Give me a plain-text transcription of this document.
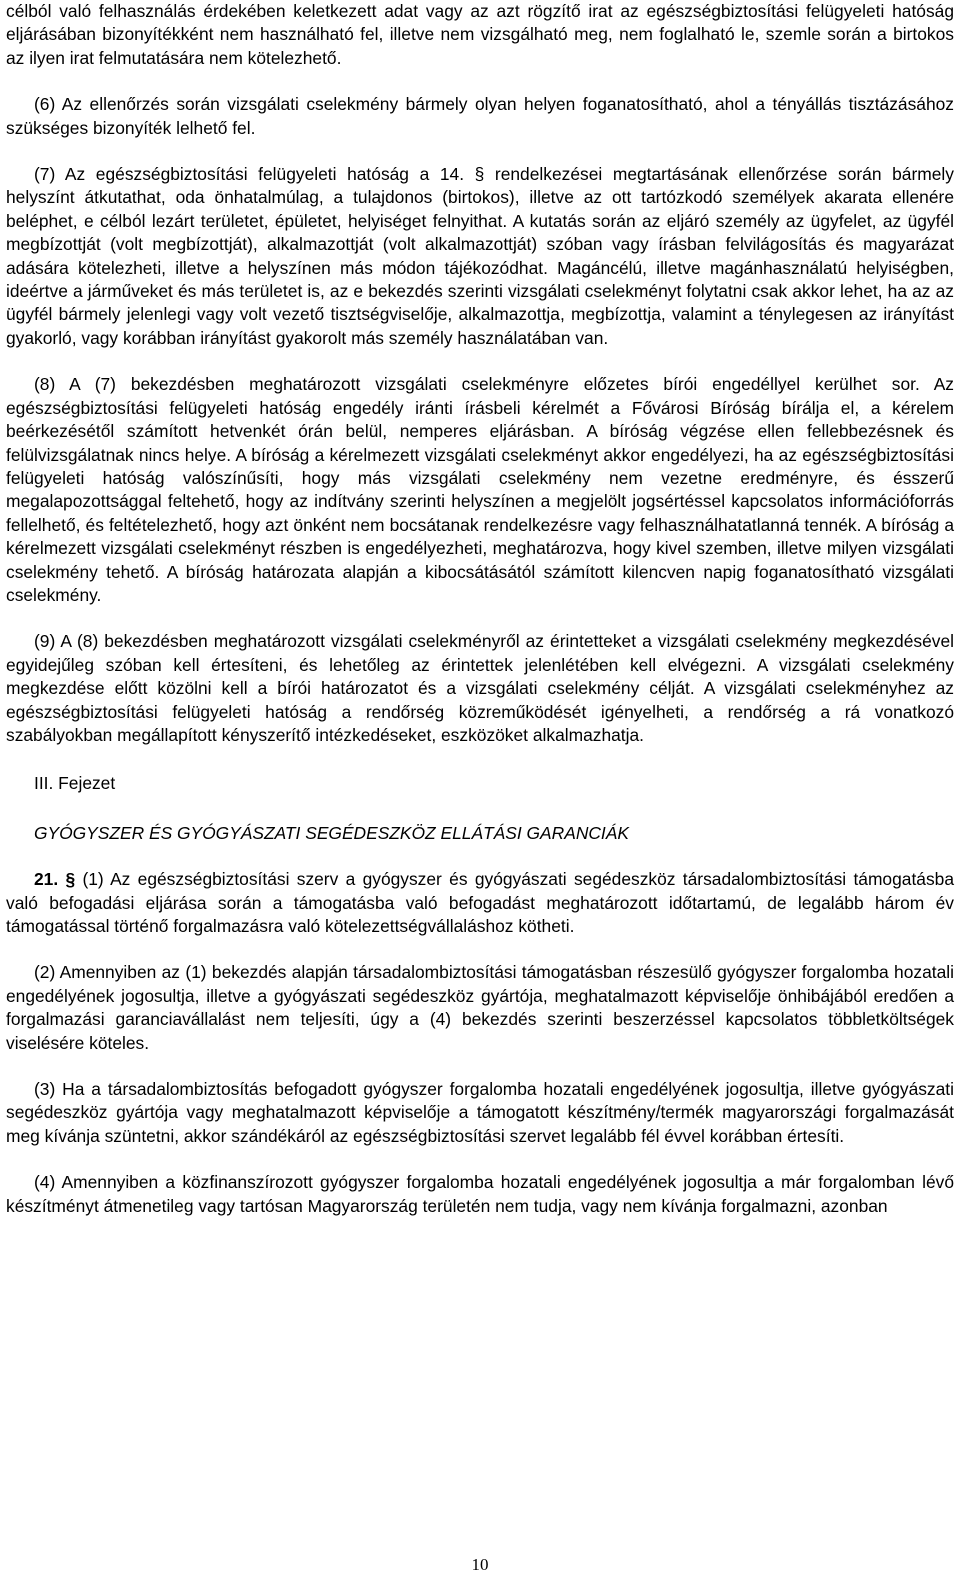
célból való felhasználás érdekében keletkezett adat vagy az azt rögzítő irat az egészségbiztosítási felügyeleti hatóság eljárásában bizonyítékként nem használható fel, illetve nem vizsgálható meg, nem foglalható le, szemle során a birtokos az ilyen irat felmutatására nem kötelezhető.

(6) Az ellenőrzés során vizsgálati cselekmény bármely olyan helyen foganatosítható, ahol a tényállás tisztázásához szükséges bizonyíték lelhető fel.

(7) Az egészségbiztosítási felügyeleti hatóság a 14. § rendelkezései megtartásának ellenőrzése során bármely helyszínt átkutathat, oda önhatalmúlag, a tulajdonos (birtokos), illetve az ott tartózkodó személyek akarata ellenére beléphet, e célból lezárt területet, épületet, helyiséget felnyithat. A kutatás során az eljáró személy az ügyfelet, az ügyfél megbízottját (volt megbízottját), alkalmazottját (volt alkalmazottját) szóban vagy írásban felvilágosítás és magyarázat adására kötelezheti, illetve a helyszínen más módon tájékozódhat. Magáncélú, illetve magánhasználatú helyiségben, ideértve a járműveket és más területet is, az e bekezdés szerinti vizsgálati cselekményt folytatni csak akkor lehet, ha az az ügyfél bármely jelenlegi vagy volt vezető tisztségviselője, alkalmazottja, megbízottja, valamint a ténylegesen az irányítást gyakorló, vagy korábban irányítást gyakorolt más személy használatában van.

(8) A (7) bekezdésben meghatározott vizsgálati cselekményre előzetes bírói engedéllyel kerülhet sor. Az egészségbiztosítási felügyeleti hatóság engedély iránti írásbeli kérelmét a Fővárosi Bíróság bírálja el, a kérelem beérkezésétől számított hetvenkét órán belül, nemperes eljárásban. A bíróság végzése ellen fellebbezésnek és felülvizsgálatnak nincs helye. A bíróság a kérelmezett vizsgálati cselekményt akkor engedélyezi, ha az egészségbiztosítási felügyeleti hatóság valószínűsíti, hogy más vizsgálati cselekmény nem vezetne eredményre, és ésszerű megalapozottsággal feltehető, hogy az indítvány szerinti helyszínen a megjelölt jogsértéssel kapcsolatos információforrás fellelhető, és feltételezhető, hogy azt önként nem bocsátanak rendelkezésre vagy felhasználhatatlanná tennék. A bíróság a kérelmezett vizsgálati cselekményt részben is engedélyezheti, meghatározva, hogy kivel szemben, illetve milyen vizsgálati cselekmény tehető. A bíróság határozata alapján a kibocsátásától számított kilencven napig foganatosítható vizsgálati cselekmény.

(9) A (8) bekezdésben meghatározott vizsgálati cselekményről az érintetteket a vizsgálati cselekmény megkezdésével egyidejűleg szóban kell értesíteni, és lehetőleg az érintettek jelenlétében kell elvégezni. A vizsgálati cselekmény megkezdése előtt közölni kell a bírói határozatot és a vizsgálati cselekmény célját. A vizsgálati cselekményhez az egészségbiztosítási felügyeleti hatóság a rendőrség közreműködését igényelheti, a rendőrség a rá vonatkozó szabályokban megállapított kényszerítő intézkedéseket, eszközöket alkalmazhatja.

III. Fejezet

GYÓGYSZER ÉS GYÓGYÁSZATI SEGÉDESZKÖZ ELLÁTÁSI GARANCIÁK

21. § (1) Az egészségbiztosítási szerv a gyógyszer és gyógyászati segédeszköz társadalombiztosítási támogatásba való befogadási eljárása során a támogatásba való befogadást meghatározott időtartamú, de legalább három év támogatással történő forgalmazásra való kötelezettségvállaláshoz kötheti.

(2) Amennyiben az (1) bekezdés alapján társadalombiztosítási támogatásban részesülő gyógyszer forgalomba hozatali engedélyének jogosultja, illetve a gyógyászati segédeszköz gyártója, meghatalmazott képviselője önhibájából eredően a forgalmazási garanciavállalást nem teljesíti, úgy a (4) bekezdés szerinti beszerzéssel kapcsolatos többletköltségek viselésére köteles.

(3) Ha a társadalombiztosítás befogadott gyógyszer forgalomba hozatali engedélyének jogosultja, illetve gyógyászati segédeszköz gyártója vagy meghatalmazott képviselője a támogatott készítmény/termék magyarországi forgalmazását meg kívánja szüntetni, akkor szándékáról az egészségbiztosítási szervet legalább fél évvel korábban értesíti.

(4) Amennyiben a közfinanszírozott gyógyszer forgalomba hozatali engedélyének jogosultja a már forgalomban lévő készítményt átmenetileg vagy tartósan Magyarország területén nem tudja, vagy nem kívánja forgalmazni, azonban

10
